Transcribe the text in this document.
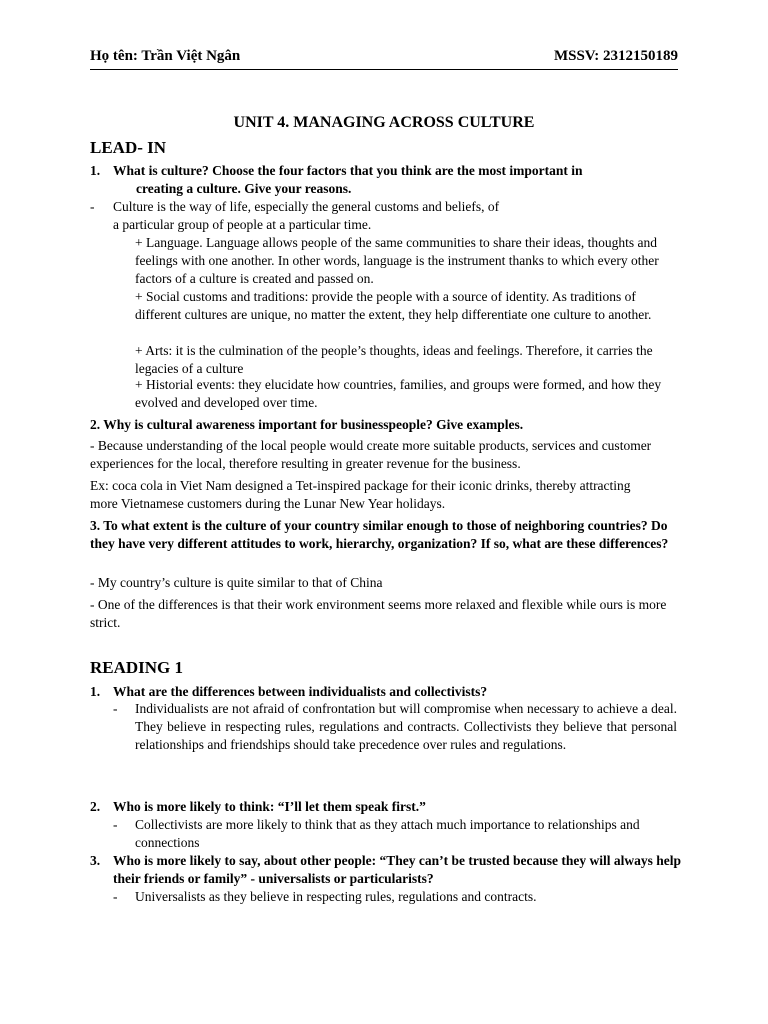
Họ tên: Trần Việt Ngân	MSSV: 2312150189
UNIT 4. MANAGING ACROSS CULTURE
LEAD- IN
1. What is culture? Choose the four factors that you think are the most important in

creating a culture. Give your reasons.

- Culture is the way of life, especially the general customs and beliefs, of

a particular group of people at a particular time.

+ Language. Language allows people of the same communities to share their ideas, thoughts and feelings with one another. In other words, language is the instrument thanks to which every other factors of a culture is created and passed on.

+ Social customs and traditions: provide the people with a source of identity. As traditions of different cultures are unique, no matter the extent, they help differentiate one culture to another.

+ Arts: it is the culmination of the people’s thoughts, ideas and feelings. Therefore, it carries the legacies of a culture

+ Historial events: they elucidate how countries, families, and groups were formed, and how they evolved and developed over time.

2. Why is cultural awareness important for businesspeople? Give examples.

- Because understanding of the local people would create more suitable products, services and customer experiences for the local, therefore resulting in greater revenue for the business.

Ex: coca cola in Viet Nam designed a Tet-inspired package for their iconic drinks, thereby attracting more Vietnamese customers during the Lunar New Year holidays.

3. To what extent is the culture of your country similar enough to those of neighboring countries? Do they have very different attitudes to work, hierarchy, organization? If so, what are these differences?

- My country’s culture is quite similar to that of China

- One of the differences is that their work environment seems more relaxed and flexible while ours is more strict.

READING 1
1. What are the differences between individualists and collectivists?

- Individualists are not afraid of confrontation but will compromise when necessary to achieve a deal. They believe in respecting rules, regulations and contracts. Collectivists they believe that personal relationships and friendships should take precedence over rules and regulations.

2. Who is more likely to think: “I’ll let them speak first.”

- Collectivists are more likely to think that as they attach much importance to relationships and connections

3. Who is more likely to say, about other people: “They can’t be trusted because they will always help their friends or family” - universalists or particularists?

- Universalists as they believe in respecting rules, regulations and contracts.
